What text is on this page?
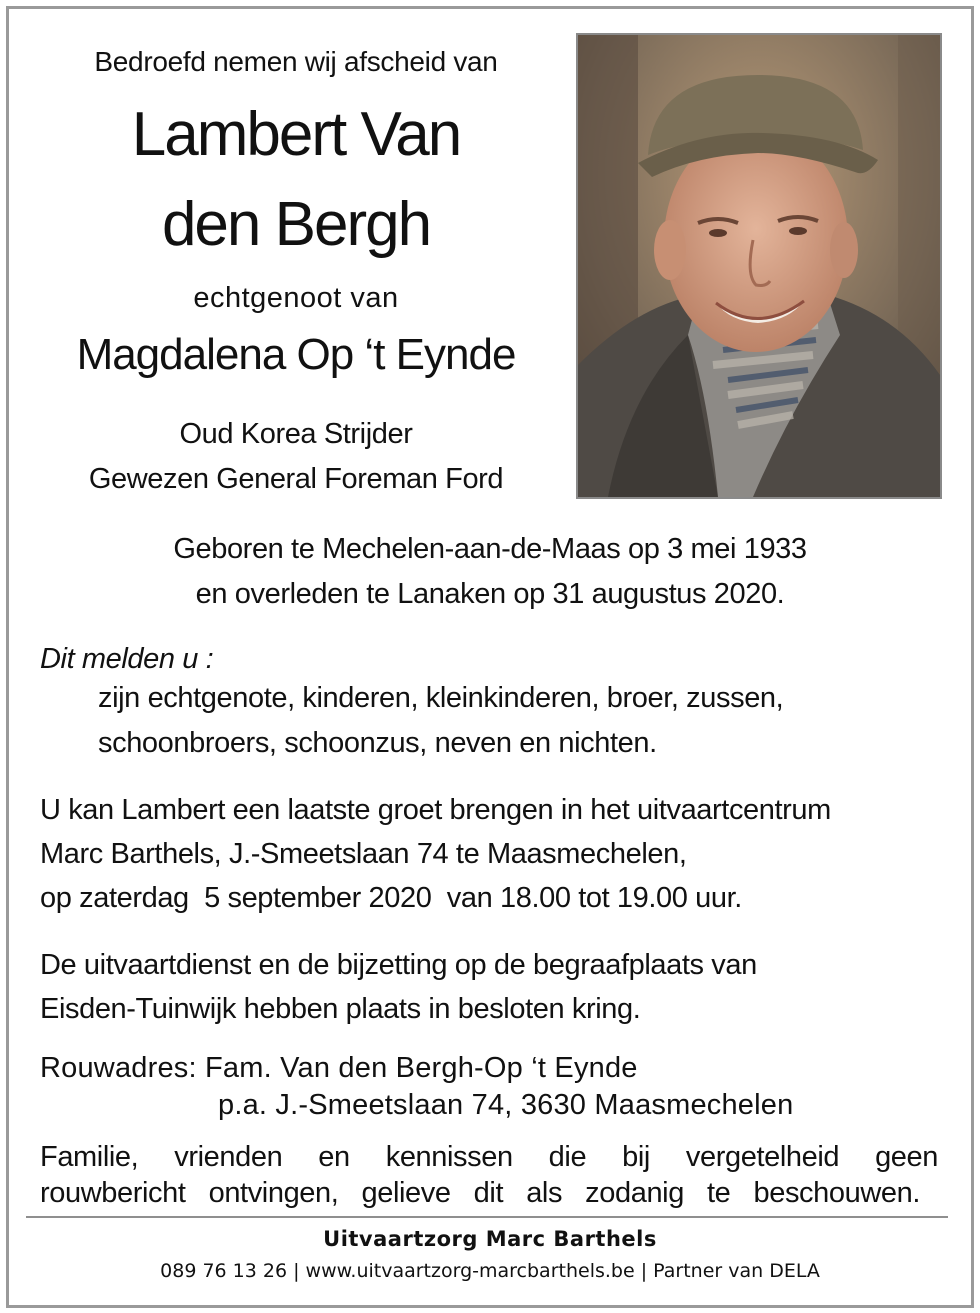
Bedroefd nemen wij afscheid van
Lambert Van
den Bergh
echtgenoot van
Magdalena Op ‘t Eynde
Oud Korea Strijder
Gewezen General Foreman Ford
Geboren te Mechelen-aan-de-Maas op 3 mei 1933
en overleden te Lanaken op 31 augustus 2020.
Dit melden u :
zijn echtgenote, kinderen, kleinkinderen, broer, zussen,
schoonbroers, schoonzus, neven en nichten.
U kan Lambert een laatste groet brengen in het uitvaartcentrum
Marc Barthels, J.-Smeetslaan 74 te Maasmechelen,
op zaterdag  5 september 2020  van 18.00 tot 19.00 uur.
De uitvaartdienst en de bijzetting op de begraafplaats van
Eisden-Tuinwijk hebben plaats in besloten kring.
Rouwadres: Fam. Van den Bergh-Op ‘t Eynde
p.a. J.-Smeetslaan 74, 3630 Maasmechelen
Familie, vrienden en kennissen die bij vergetelheid geen
rouwbericht ontvingen, gelieve dit als zodanig te beschouwen.
Uitvaartzorg Marc Barthels
089 76 13 26 | www.uitvaartzorg-marcbarthels.be | Partner van DELA
